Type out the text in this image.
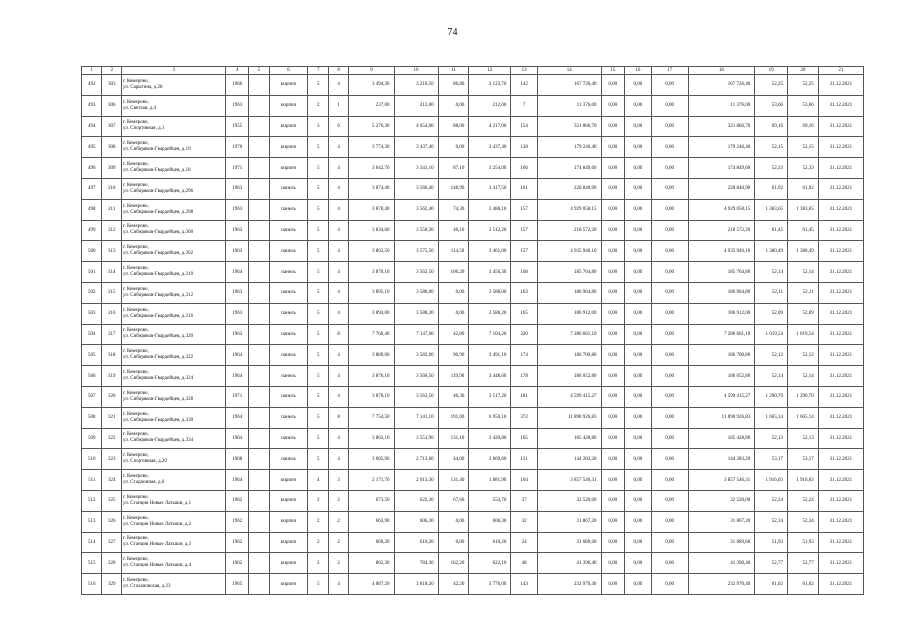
74
1	2	3	4	5	6	7	8	9	10	11	12	13	14	15	16	17	18	19	20	21
492	303	г. Кемерово,
ул. Сарыгина, д.28	1966		кирпич	5	4	3 494,30	3 210,50	86,80	3 123,70	142	167 726,40	0,00	0,00	0,00	167 726,40	52,25	52,25	31.12.2021
493	306	г. Кемерово,
ул. Светлая, д.4	1963		кирпич	2	1	237,00	212,00	0,00	212,00	7	11 376,00	0,00	0,00	0,00	11 376,00	53,66	53,66	31.12.2021
494	307	г. Кемерово,
ул. Спортивная, д.1	1955		кирпич	3	6	5 276,30	4 654,00	88,00	4 217,00	154	321 866,70	0,00	0,00	0,00	321 866,70	69,16	69,16	31.12.2021
495	308	г. Кемерово,
ул. Сибиряков-Гвардейцев, д.19	1970		кирпич	5	4	3 774,30	3 437,40	0,00	3 437,40	128	179 246,40	0,00	0,00	0,00	179 246,40	52,15	52,15	31.12.2021
496	309	г. Кемерово,
ул. Сибиряков-Гвардейцев, д.18	1971		кирпич	5	4	3 642,70	3 341,10	87,10	3 254,00	166	174 849,60	0,00	0,00	0,00	174 849,60	52,33	52,33	31.12.2021
497	310	г. Кемерово,
ул. Сибиряков-Гвардейцев, д.296	1963		панель	5	4	3 874,40	3 566,40	148,90	3 417,50	161	220 840,90	0,00	0,00	0,00	220 840,90	61,92	61,92	31.12.2021
498	311	г. Кемерово,
ул. Сибиряков-Гвардейцев, д.298	1963		панель	5	4	3 870,40	3 562,40	74,30	3 488,10	157	4 929 058,15	0,00	0,00	0,00	4 929 058,15	1 383,65	1 383,65	31.12.2021
499	312	г. Кемерово,
ул. Сибиряков-Гвардейцев, д.300	1963		панель	5	4	3 834,60	3 558,30	46,10	3 512,20	157	218 572,20	0,00	0,00	0,00	218 572,20	61,45	61,45	31.12.2021
500	313	г. Кемерово,
ул. Сибиряков-Гвардейцев, д.302	1963		панель	5	4	3 863,50	3 575,50	114,50	3 461,00	157	4 935 946,10	0,00	0,00	0,00	4 935 946,10	1 380,49	1 380,49	31.12.2021
501	314	г. Кемерово,
ул. Сибиряков-Гвардейцев, д.310	1964		панель	5	4	3 870,10	3 562,50	106,20	3 456,30	168	185 764,80	0,00	0,00	0,00	185 764,80	52,14	52,14	31.12.2021
502	315	г. Кемерово,
ул. Сибиряков-Гвардейцев, д.312	1963		панель	5	4	3 895,10	3 588,00	0,00	3 588,00	163	186 964,80	0,00	0,00	0,00	186 964,80	52,11	52,11	31.12.2021
503	316	г. Кемерово,
ул. Сибиряков-Гвардейцев, д.316	1963		панель	5	4	3 894,00	3 588,20	0,00	3 588,20	165	186 912,00	0,00	0,00	0,00	186 912,00	52,09	52,09	31.12.2021
504	317	г. Кемерово,
ул. Сибиряков-Гвардейцев, д.320	1963		панель	5	8	7 760,40	7 147,00	42,80	7 104,20	320	7 286 661,10	0,00	0,00	0,00	7 286 661,10	1 019,54	1 019,54	31.12.2021
505	318	г. Кемерово,
ул. Сибиряков-Гвардейцев, д.322	1964		панель	5	4	3 889,60	3 582,00	90,90	3 491,10	174	186 700,80	0,00	0,00	0,00	186 700,80	52,12	52,12	31.12.2021
506	319	г. Кемерово,
ул. Сибиряков-Гвардейцев, д.324	1964		панель	5	4	3 876,10	3 568,50	119,90	3 448,60	178	186 052,80	0,00	0,00	0,00	186 052,80	52,14	52,14	31.12.2021
507	320	г. Кемерово,
ул. Сибиряков-Гвардейцев, д.328	1971		панель	5	4	3 870,10	3 563,50	46,30	3 517,20	181	4 599 415,27	0,00	0,00	0,00	4 599 415,27	1 290,70	1 290,70	31.12.2021
508	321	г. Кемерово,
ул. Сибиряков-Гвардейцев, д.330	1964		панель	5	8	7 754,50	7 141,10	191,00	6 950,10	372	11 890 926,83	0,00	0,00	0,00	11 890 926,83	1 665,14	1 665,14	31.12.2021
509	322	г. Кемерово,
ул. Сибиряков-Гвардейцев, д.334	1964		панель	5	4	3 863,10	3 551,90	131,10	3 420,80	165	185 428,80	0,00	0,00	0,00	185 428,80	52,13	52,13	31.12.2021
510	323	г. Кемерово,
ул. Спортивная, д.20	1968		панель	5	4	3 005,90	2 713,60	44,00	2 669,60	131	144 283,20	0,00	0,00	0,00	144 283,20	53,17	53,17	31.12.2021
511	324	г. Кемерово,
ул. Стадионная, д.6	1964		кирпич	4	3	2 171,70	2 013,30	131,40	1 881,90	104	3 857 546,31	0,00	0,00	0,00	3 857 546,31	1 916,03	1 916,03	31.12.2021
512	325	г. Кемерово,
ул. Станция Новые Латыши, д.1	1962		кирпич	2	2	673,50	622,30	67,60	554,70	37	32 520,00	0,00	0,00	0,00	32 520,00	52,24	52,24	31.12.2021
513	326	г. Кемерово,
ул. Станция Новые Латыши, д.2	1962		кирпич	2	2	663,90	606,30	0,00	606,30	32	31 867,20	0,00	0,00	0,00	31 867,20	52,34	52,34	31.12.2021
514	327	г. Кемерово,
ул. Станция Новые Латыши, д.3	1962		кирпич	2	2	660,20	610,20	0,00	610,20	24	31 689,60	0,00	0,00	0,00	31 689,60	51,93	51,93	31.12.2021
515	328	г. Кемерово,
ул. Станция Новые Латыши, д.4	1962		кирпич	2	2	862,30	784,30	162,20	622,10	48	41 390,40	0,00	0,00	0,00	41 390,40	52,77	52,77	31.12.2021
516	329	г. Кемерово,
ул. Стахановская, д.23	1965		кирпич	5	4	4 087,20	3 818,20	42,20	3 776,00	143	232 970,40	0,00	0,00	0,00	232 970,40	61,02	61,02	31.12.2021
